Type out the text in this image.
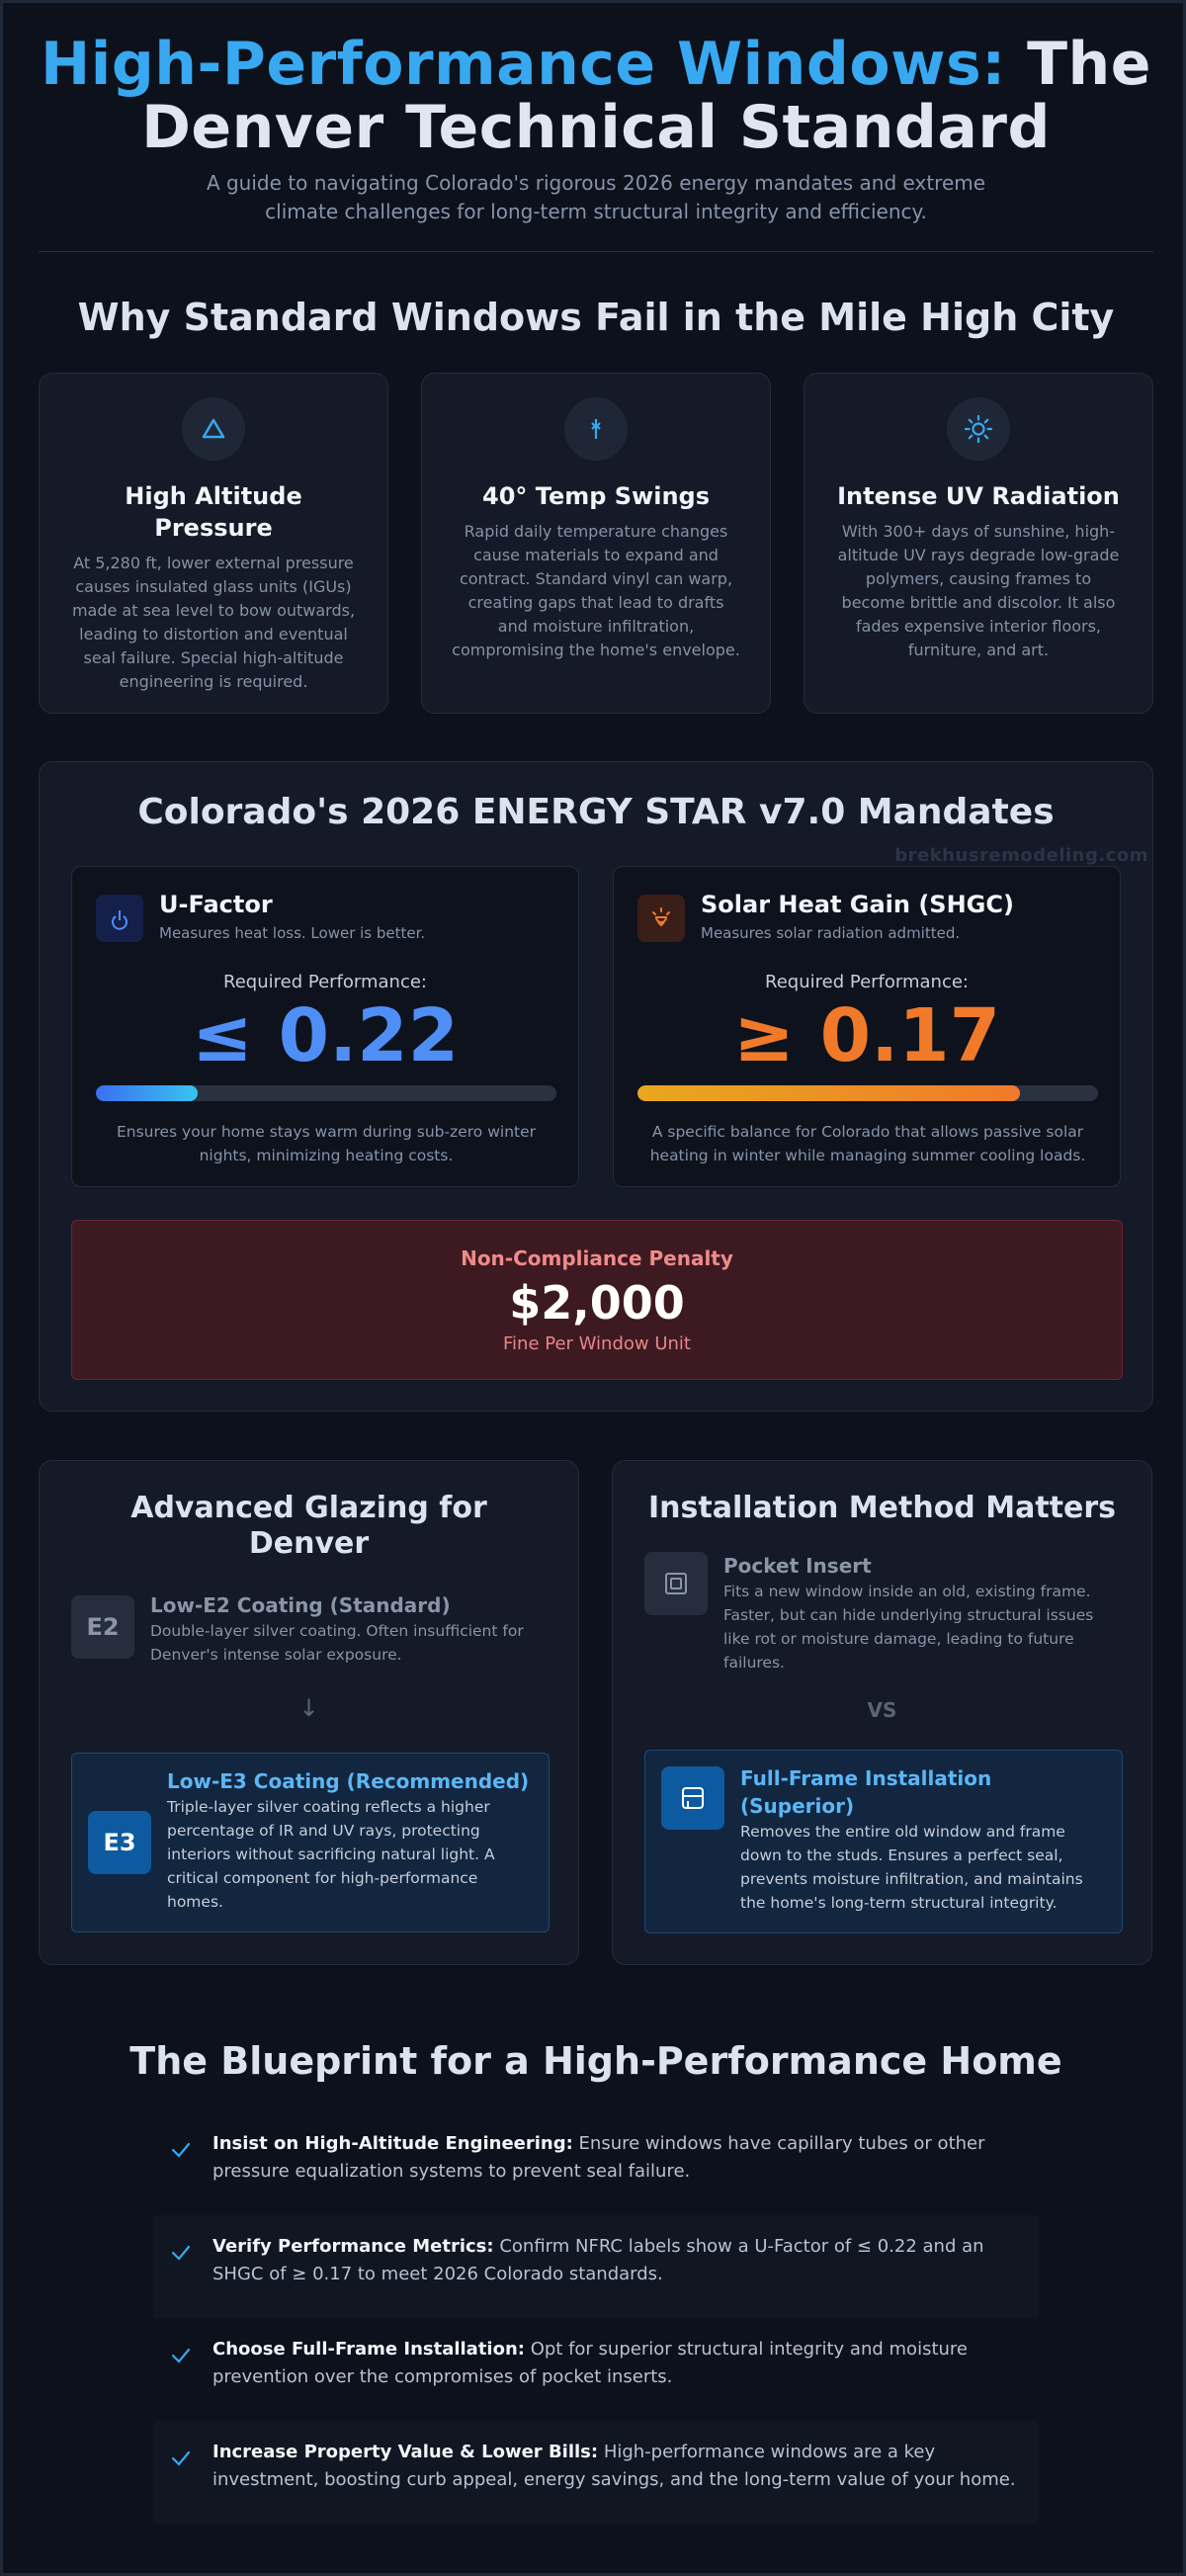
High-Performance Windows: The Denver Technical Standard
A guide to navigating Colorado's rigorous 2026 energy mandates and extreme climate challenges for long-term structural integrity and efficiency.
Why Standard Windows Fail in the Mile High City
High Altitude Pressure

At 5,280 ft, lower external pressure causes insulated glass units (IGUs) made at sea level to bow outwards, leading to distortion and eventual seal failure. Special high-altitude engineering is required.

40° Temp Swings

Rapid daily temperature changes cause materials to expand and contract. Standard vinyl can warp, creating gaps that lead to drafts and moisture infiltration, compromising the home's envelope.

Intense UV Radiation

With 300+ days of sunshine, high-altitude UV rays degrade low-grade polymers, causing frames to become brittle and discolor. It also fades expensive interior floors, furniture, and art.

Colorado's 2026 ENERGY STAR v7.0 Mandates
brekhusremodeling.com
U-Factor
Measures heat loss. Lower is better.
Required Performance:
≤ 0.22
Ensures your home stays warm during sub-zero winter nights, minimizing heating costs.
Solar Heat Gain (SHGC)
Measures solar radiation admitted.
Required Performance:
≥ 0.17
A specific balance for Colorado that allows passive solar heating in winter while managing summer cooling loads.
Non-Compliance Penalty
$2,000
Fine Per Window Unit
Advanced Glazing for Denver
E2
Low-E2 Coating (Standard)
Double-layer silver coating. Often insufficient for Denver's intense solar exposure.
↓
E3
Low-E3 Coating (Recommended)
Triple-layer silver coating reflects a higher percentage of IR and UV rays, protecting interiors without sacrificing natural light. A critical component for high-performance homes.
Installation Method Matters
Pocket Insert
Fits a new window inside an old, existing frame. Faster, but can hide underlying structural issues like rot or moisture damage, leading to future failures.
VS
Full-Frame Installation (Superior)
Removes the entire old window and frame down to the studs. Ensures a perfect seal, prevents moisture infiltration, and maintains the home's long-term structural integrity.
The Blueprint for a High-Performance Home
Insist on High-Altitude Engineering: Ensure windows have capillary tubes or other pressure equalization systems to prevent seal failure.
Verify Performance Metrics: Confirm NFRC labels show a U-Factor of ≤ 0.22 and an SHGC of ≥ 0.17 to meet 2026 Colorado standards.
Choose Full-Frame Installation: Opt for superior structural integrity and moisture prevention over the compromises of pocket inserts.
Increase Property Value & Lower Bills: High-performance windows are a key investment, boosting curb appeal, energy savings, and the long-term value of your home.
